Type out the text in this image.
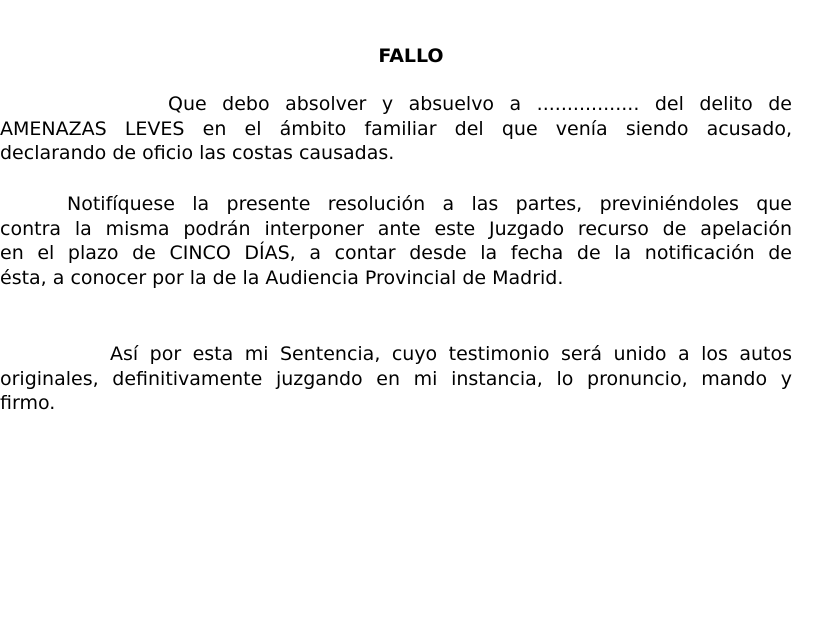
FALLO
Que debo absolver y absuelvo a ................. del delito de
AMENAZAS LEVES en el ámbito familiar del que venía siendo acusado,
declarando de oficio las costas causadas.
Notifíquese la presente resolución a las partes, previniéndoles que
contra la misma podrán interponer ante este Juzgado recurso de apelación
en el plazo de CINCO DÍAS, a contar desde la fecha de la notificación de
ésta, a conocer por la de la Audiencia Provincial de Madrid.
Así por esta mi Sentencia, cuyo testimonio será unido a los autos
originales, definitivamente juzgando en mi instancia, lo pronuncio, mando y
firmo.
